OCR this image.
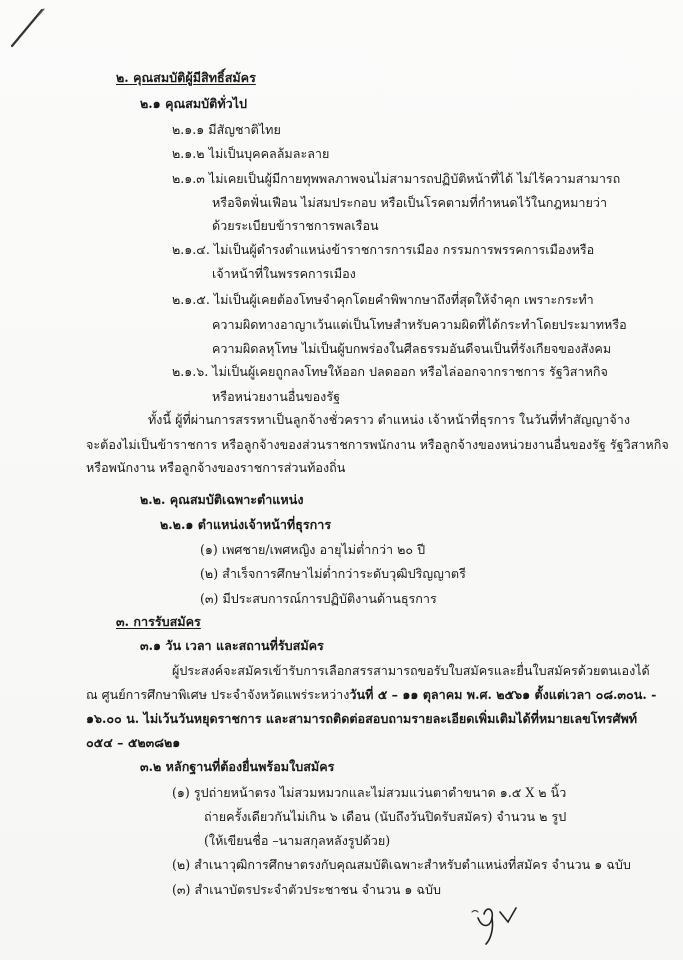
๒. คุณสมบัติผู้มีสิทธิ์สมัคร
๒.๑ คุณสมบัติทั่วไป
๒.๑.๑ มีสัญชาติไทย
๒.๑.๒ ไม่เป็นบุคคลล้มละลาย
๒.๑.๓ ไม่เคยเป็นผู้มีกายทุพพลภาพจนไม่สามารถปฏิบัติหน้าที่ได้ ไม่ไร้ความสามารถ
หรือจิตฟั่นเฟือน ไม่สมประกอบ หรือเป็นโรคตามที่กำหนดไว้ในกฎหมายว่า
ด้วยระเบียบข้าราชการพลเรือน
๒.๑.๔. ไม่เป็นผู้ดำรงตำแหน่งข้าราชการการเมือง กรรมการพรรคการเมืองหรือ
เจ้าหน้าที่ในพรรคการเมือง
๒.๑.๕. ไม่เป็นผู้เคยต้องโทษจำคุกโดยคำพิพากษาถึงที่สุดให้จำคุก เพราะกระทำ
ความผิดทางอาญาเว้นแต่เป็นโทษสำหรับความผิดที่ได้กระทำโดยประมาทหรือ
ความผิดลหุโทษ ไม่เป็นผู้บกพร่องในศีลธรรมอันดีจนเป็นที่รังเกียจของสังคม
๒.๑.๖. ไม่เป็นผู้เคยถูกลงโทษให้ออก ปลดออก หรือไล่ออกจากราชการ รัฐวิสาหกิจ
หรือหน่วยงานอื่นของรัฐ
ทั้งนี้ ผู้ที่ผ่านการสรรหาเป็นลูกจ้างชั่วคราว ตำแหน่ง เจ้าหน้าที่ธุรการ ในวันที่ทำสัญญาจ้าง
จะต้องไม่เป็นข้าราชการ หรือลูกจ้างของส่วนราชการพนักงาน หรือลูกจ้างของหน่วยงานอื่นของรัฐ รัฐวิสาหกิจ
หรือพนักงาน หรือลูกจ้างของราชการส่วนท้องถิ่น
๒.๒. คุณสมบัติเฉพาะตำแหน่ง
๒.๒.๑ ตำแหน่งเจ้าหน้าที่ธุรการ
(๑) เพศชาย/เพศหญิง อายุไม่ต่ำกว่า ๒๐ ปี
(๒) สำเร็จการศึกษาไม่ต่ำกว่าระดับวุฒิปริญญาตรี
(๓) มีประสบการณ์การปฏิบัติงานด้านธุรการ
๓. การรับสมัคร
๓.๑ วัน เวลา และสถานที่รับสมัคร
ผู้ประสงค์จะสมัครเข้ารับการเลือกสรรสามารถขอรับใบสมัครและยื่นใบสมัครด้วยตนเองได้
ณ ศูนย์การศึกษาพิเศษ ประจำจังหวัดแพร่ระหว่างวันที่ ๕ – ๑๑ ตุลาคม พ.ศ. ๒๕๖๑ ตั้งแต่เวลา ๐๘.๓๐น. -
๑๖.๐๐ น. ไม่เว้นวันหยุดราชการ และสามารถติดต่อสอบถามรายละเอียดเพิ่มเติมได้ที่หมายเลขโทรศัพท์
๐๕๔ – ๕๒๓๘๒๑
๓.๒ หลักฐานที่ต้องยื่นพร้อมใบสมัคร
(๑) รูปถ่ายหน้าตรง ไม่สวมหมวกและไม่สวมแว่นตาดำขนาด ๑.๕ X ๒ นิ้ว
ถ่ายครั้งเดียวกันไม่เกิน ๖ เดือน (นับถึงวันปิดรับสมัคร) จำนวน ๒ รูป
(ให้เขียนชื่อ –นามสกุลหลังรูปด้วย)
(๒) สำเนาวุฒิการศึกษาตรงกับคุณสมบัติเฉพาะสำหรับตำแหน่งที่สมัคร จำนวน ๑ ฉบับ
(๓) สำเนาบัตรประจำตัวประชาชน จำนวน ๑ ฉบับ
